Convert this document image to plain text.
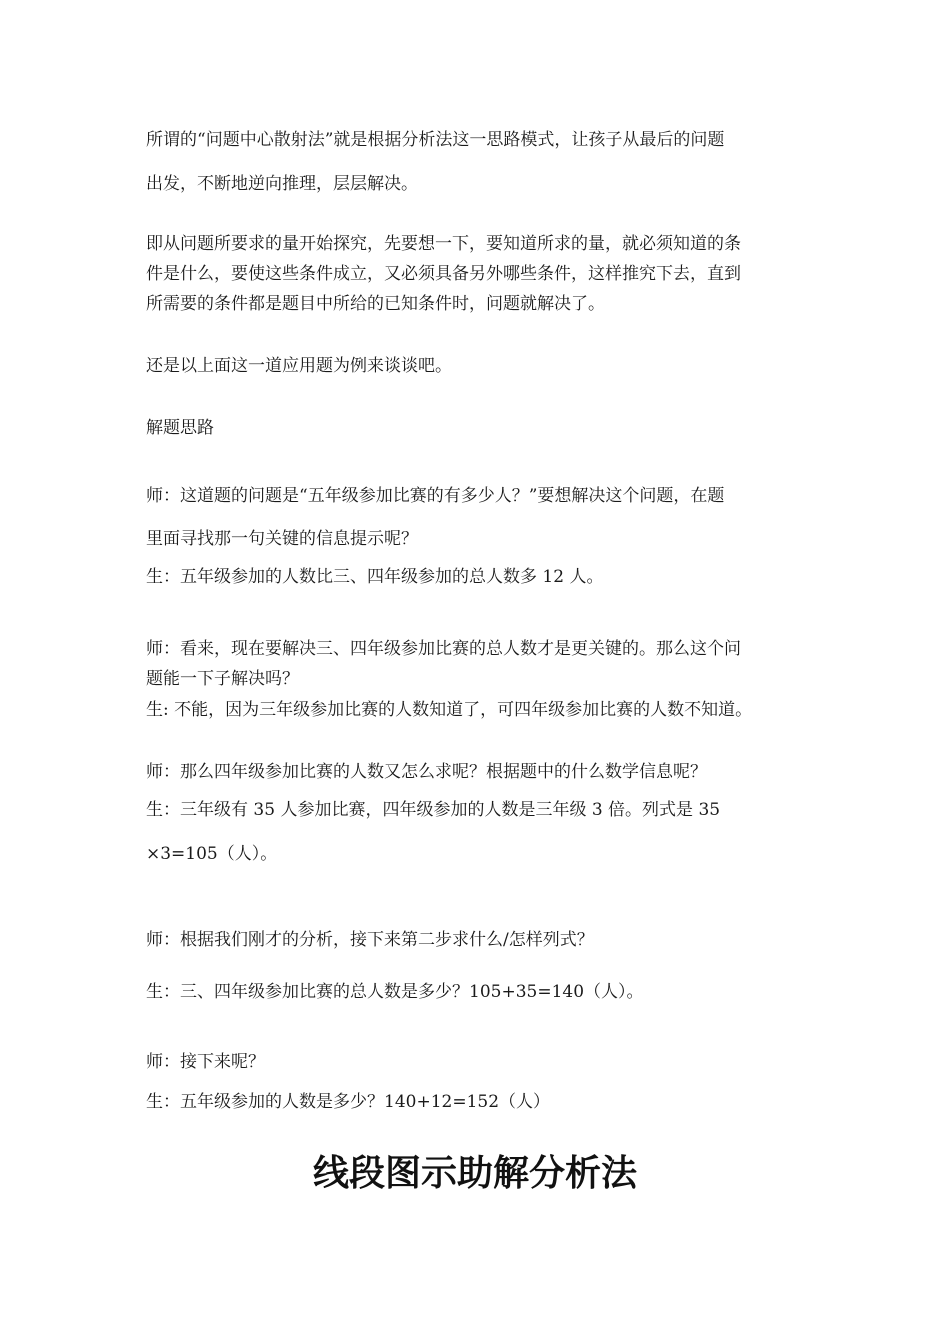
所谓的“问题中心散射法”就是根据分析法这一思路模式，让孩子从最后的问题
出发，不断地逆向推理，层层解决。
即从问题所要求的量开始探究，先要想一下，要知道所求的量，就必须知道的条
件是什么，要使这些条件成立，又必须具备另外哪些条件，这样推究下去，直到
所需要的条件都是题目中所给的已知条件时，问题就解决了。
还是以上面这一道应用题为例来谈谈吧。
解题思路
师：这道题的问题是“五年级参加比赛的有多少人？”要想解决这个问题，在题
里面寻找那一句关键的信息提示呢？
生：五年级参加的人数比三、四年级参加的总人数多 12 人。
师：看来，现在要解决三、四年级参加比赛的总人数才是更关键的。那么这个问
题能一下子解决吗？
生: 不能，因为三年级参加比赛的人数知道了，可四年级参加比赛的人数不知道。
师：那么四年级参加比赛的人数又怎么求呢？根据题中的什么数学信息呢？
生：三年级有 35 人参加比赛，四年级参加的人数是三年级 3 倍。列式是 35
×3=105（人）。
师：根据我们刚才的分析，接下来第二步求什么/怎样列式？
生：三、四年级参加比赛的总人数是多少？105+35=140（人）。
师：接下来呢？
生：五年级参加的人数是多少？140+12=152（人）
线段图示助解分析法
